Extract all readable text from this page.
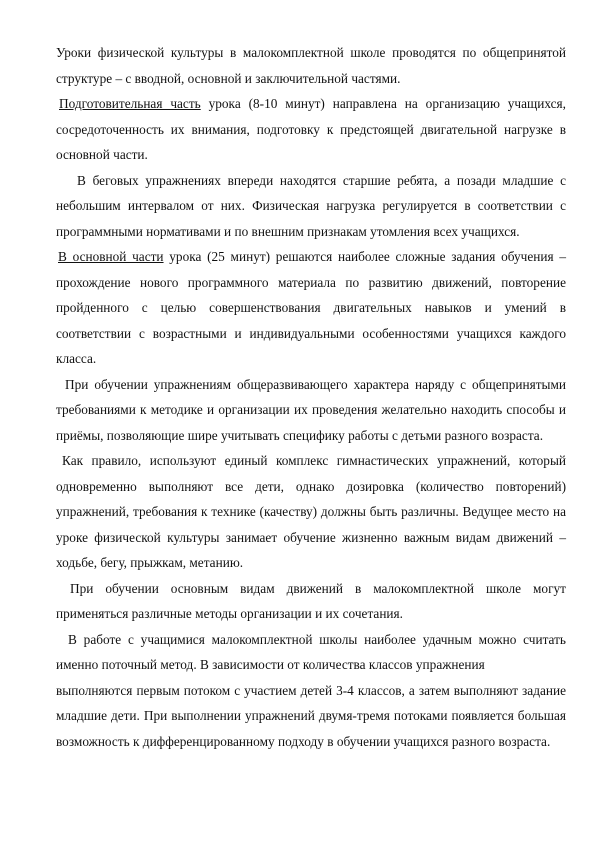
Уроки физической культуры в малокомплектной школе проводятся по общепринятой структуре – с вводной, основной и заключительной частями.

Подготовительная часть урока (8-10 минут) направлена на организацию учащихся, сосредоточенность их внимания, подготовку к предстоящей двигательной нагрузке в основной части.

В беговых упражнениях впереди находятся старшие ребята, а позади младшие с небольшим интервалом от них. Физическая нагрузка регулируется в соответствии с программными нормативами и по внешним признакам утомления всех учащихся.

В основной части урока (25 минут) решаются наиболее сложные задания обучения – прохождение нового программного материала по развитию движений, повторение пройденного с целью совершенствования двигательных навыков и умений в соответствии с возрастными и индивидуальными особенностями учащихся каждого класса.

При обучении упражнениям общеразвивающего характера наряду с общепринятыми требованиями к методике и организации их проведения желательно находить способы и приёмы, позволяющие шире учитывать специфику работы с детьми разного возраста.

Как правило, используют единый комплекс гимнастических упражнений, который одновременно выполняют все дети, однако дозировка (количество повторений) упражнений, требования к технике (качеству) должны быть различны. Ведущее место на уроке физической культуры занимает обучение жизненно важным видам движений – ходьбе, бегу, прыжкам, метанию.

При обучении основным видам движений в малокомплектной школе могут применяться различные методы организации и их сочетания.

В работе с учащимися малокомплектной школы наиболее удачным можно считать именно поточный метод. В зависимости от количества классов упражнения

выполняются первым потоком с участием детей 3-4 классов, а затем выполняют задание младшие дети. При выполнении упражнений двумя-тремя потоками появляется большая возможность к дифференцированному подходу в обучении учащихся разного возраста.
